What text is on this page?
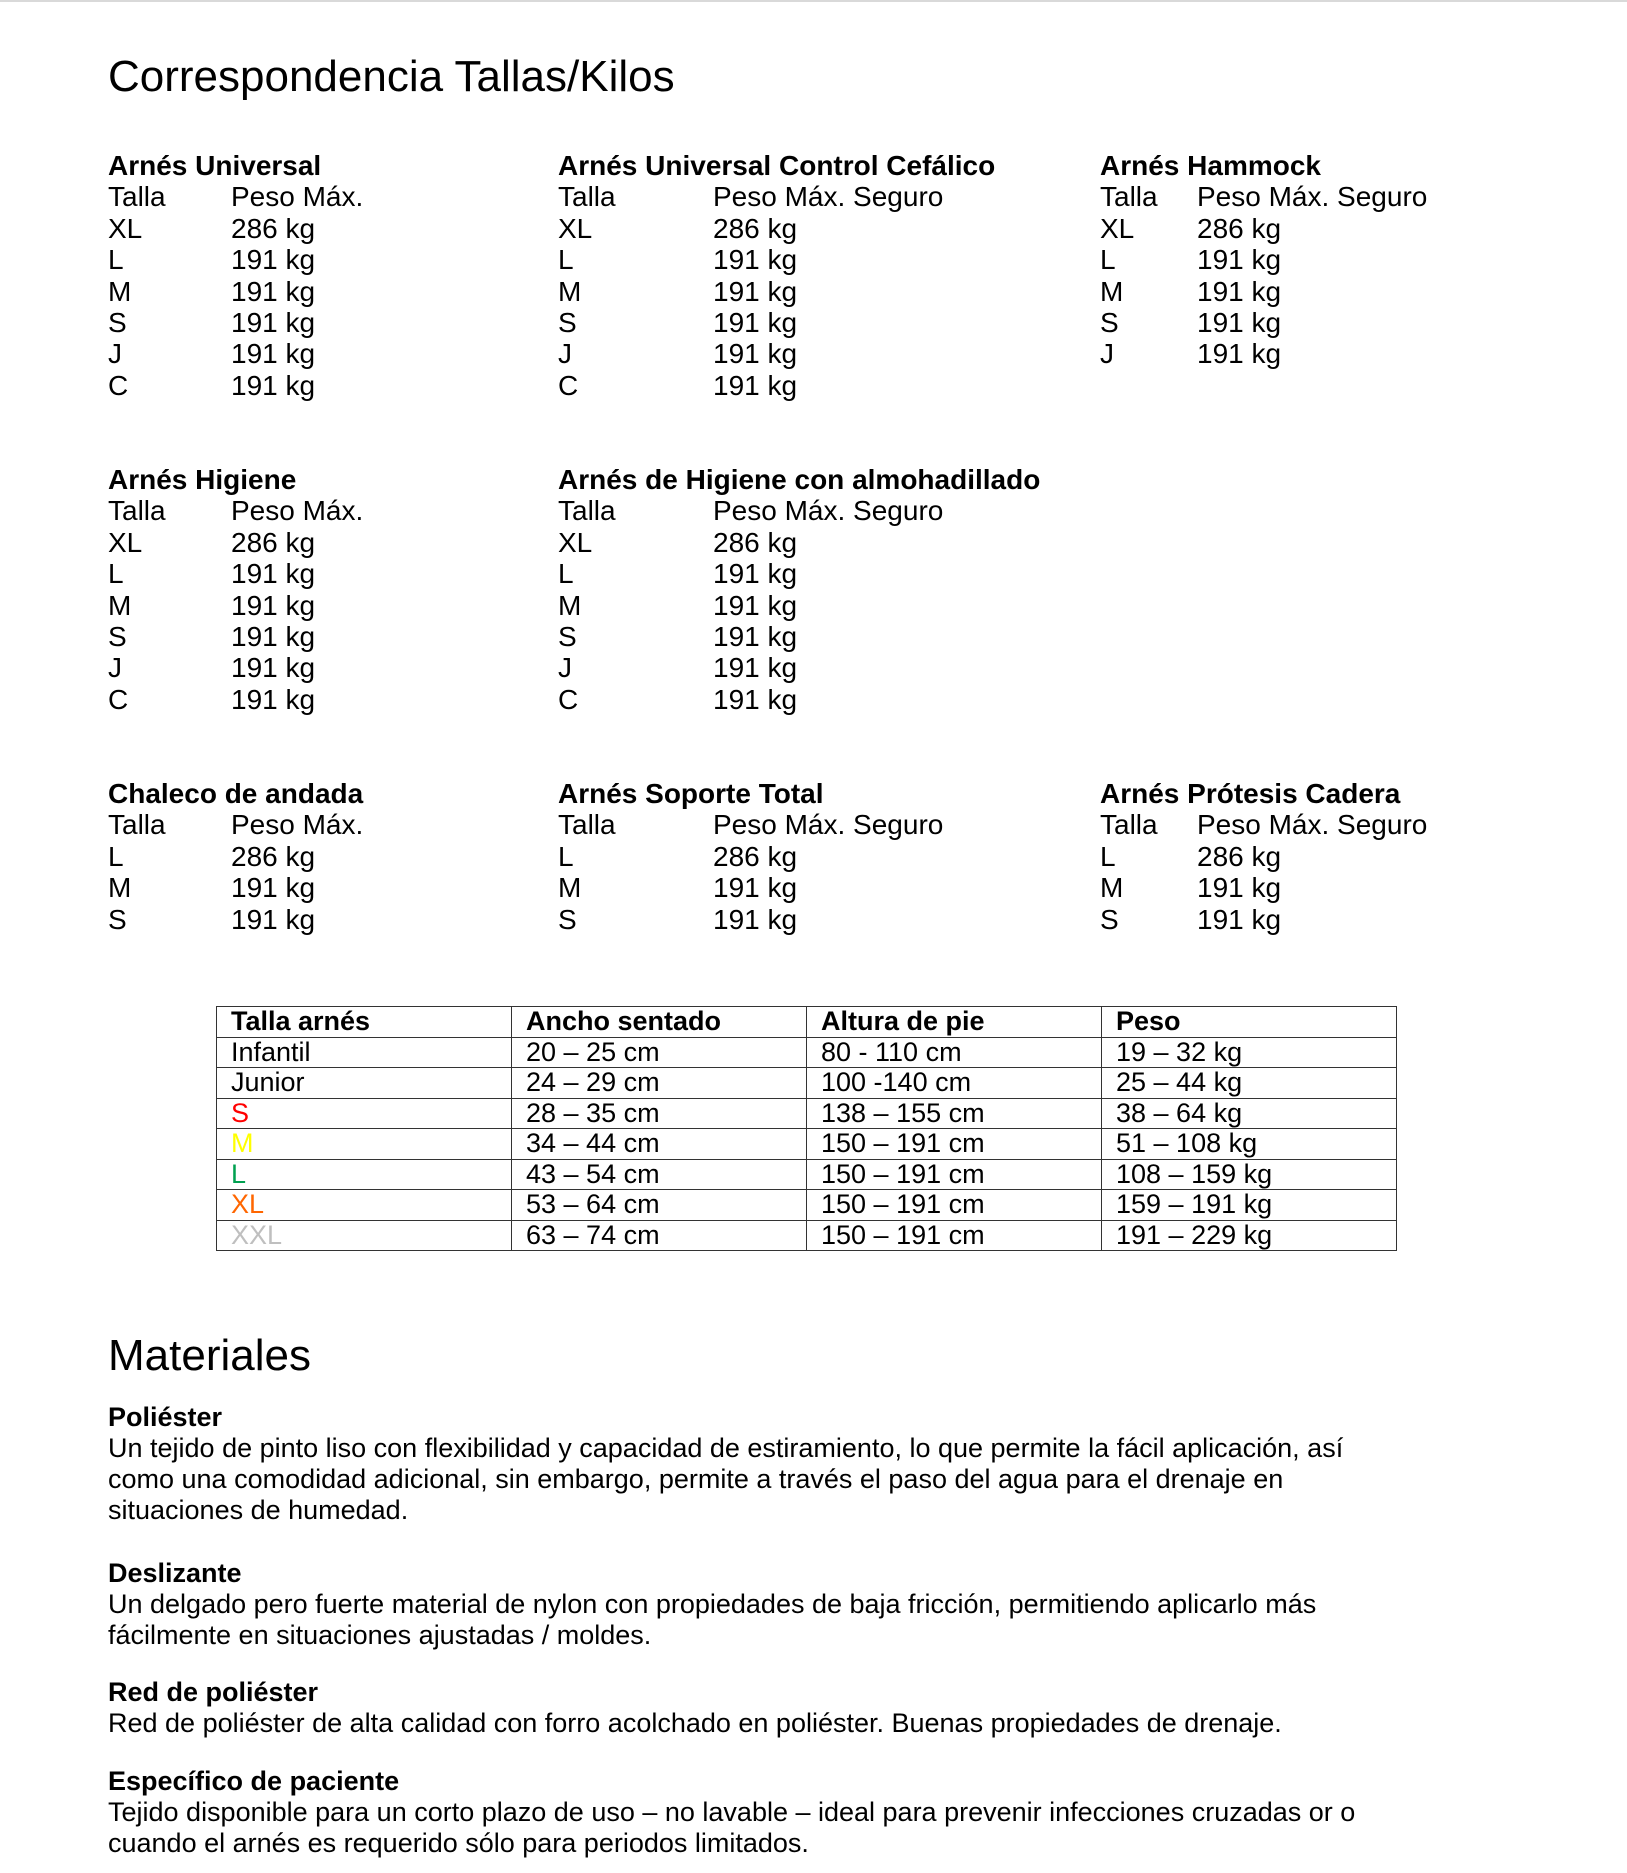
Correspondencia Tallas/Kilos
Arnés Universal
Talla	Peso Máx.
XL	286 kg
L	191 kg
M	191 kg
S	191 kg
J	191 kg
C	191 kg
Arnés Universal Control Cefálico
Talla	Peso Máx. Seguro
XL	286 kg
L	191 kg
M	191 kg
S	191 kg
J	191 kg
C	191 kg
Arnés Hammock
Talla	Peso Máx. Seguro
XL	286 kg
L	191 kg
M	191 kg
S	191 kg
J	191 kg
Arnés Higiene
Talla	Peso Máx.
XL	286 kg
L	191 kg
M	191 kg
S	191 kg
J	191 kg
C	191 kg
Arnés de Higiene con almohadillado
Talla	Peso Máx. Seguro
XL	286 kg
L	191 kg
M	191 kg
S	191 kg
J	191 kg
C	191 kg
Chaleco de andada
Talla	Peso Máx.
L	286 kg
M	191 kg
S	191 kg
Arnés Soporte Total
Talla	Peso Máx. Seguro
L	286 kg
M	191 kg
S	191 kg
Arnés Prótesis Cadera
Talla	Peso Máx. Seguro
L	286 kg
M	191 kg
S	191 kg
Talla arnés	Ancho sentado	Altura de pie	Peso
Infantil	20 – 25 cm	80 - 110 cm	19 – 32 kg
Junior	24 – 29 cm	100 -140 cm	25 – 44 kg
S	28 – 35 cm	138 – 155 cm	38 – 64 kg
M	34 – 44 cm	150 – 191 cm	51 – 108 kg
L	43 – 54 cm	150 – 191 cm	108 – 159 kg
XL	53 – 64 cm	150 – 191 cm	159 – 191 kg
XXL	63 – 74 cm	150 – 191 cm	191 – 229 kg
Materiales
Poliéster
Un tejido de pinto liso con flexibilidad y capacidad de estiramiento, lo que permite la fácil aplicación, así
como una comodidad adicional, sin embargo, permite a través el paso del agua para el drenaje en
situaciones de humedad.
Deslizante
Un delgado pero fuerte material de nylon con propiedades de baja fricción, permitiendo aplicarlo más
fácilmente en situaciones ajustadas / moldes.
Red de poliéster
Red de poliéster de alta calidad con forro acolchado en poliéster. Buenas propiedades de drenaje.
Específico de paciente
Tejido disponible para un corto plazo de uso – no lavable – ideal para prevenir infecciones cruzadas or o
cuando el arnés es requerido sólo para periodos limitados.
